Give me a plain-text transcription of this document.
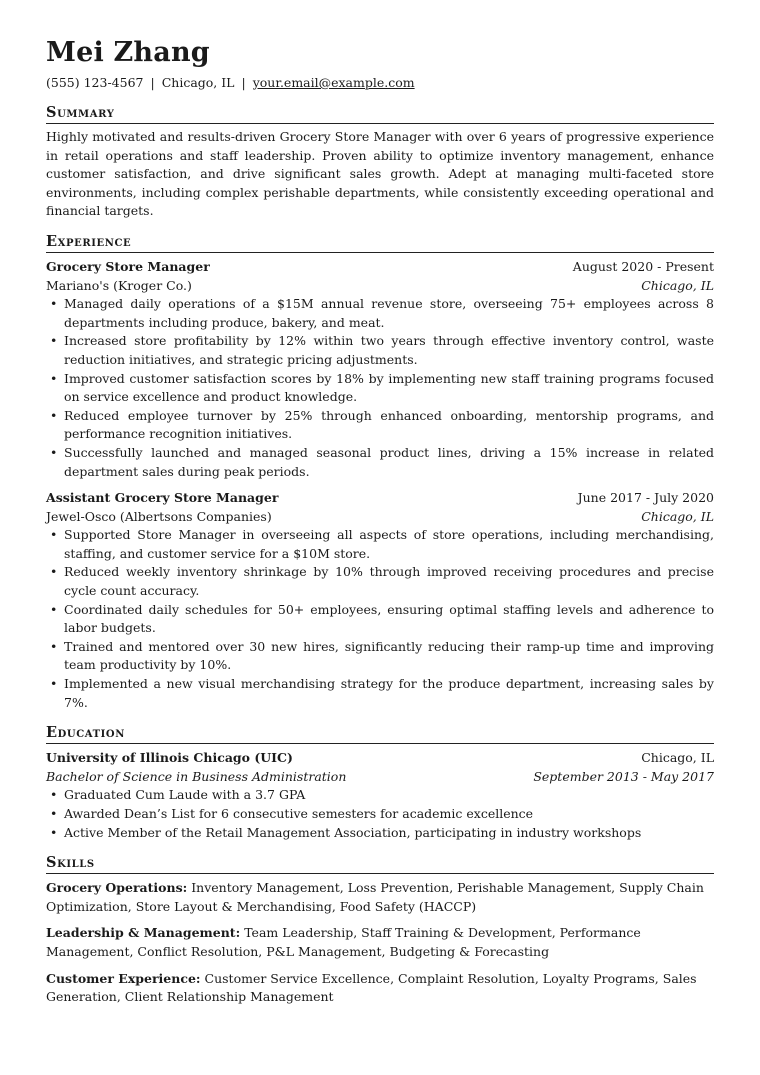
Mei Zhang
(555) 123-4567 | Chicago, IL | your.email@example.com
Summary
Highly motivated and results-driven Grocery Store Manager with over 6 years of progressive experience in retail operations and staff leadership. Proven ability to optimize inventory management, enhance customer satisfaction, and drive significant sales growth. Adept at managing multi-faceted store environments, including complex perishable departments, while consistently exceeding operational and financial targets.
Experience
Grocery Store Manager	August 2020 - Present
Mariano's (Kroger Co.)	Chicago, IL
• Managed daily operations of a $15M annual revenue store, overseeing 75+ employees across 8 departments including produce, bakery, and meat.
• Increased store profitability by 12% within two years through effective inventory control, waste reduction initiatives, and strategic pricing adjustments.
• Improved customer satisfaction scores by 18% by implementing new staff training programs focused on service excellence and product knowledge.
• Reduced employee turnover by 25% through enhanced onboarding, mentorship programs, and performance recognition initiatives.
• Successfully launched and managed seasonal product lines, driving a 15% increase in related department sales during peak periods.
Assistant Grocery Store Manager	June 2017 - July 2020
Jewel-Osco (Albertsons Companies)	Chicago, IL
• Supported Store Manager in overseeing all aspects of store operations, including merchandising, staffing, and customer service for a $10M store.
• Reduced weekly inventory shrinkage by 10% through improved receiving procedures and precise cycle count accuracy.
• Coordinated daily schedules for 50+ employees, ensuring optimal staffing levels and adherence to labor budgets.
• Trained and mentored over 30 new hires, significantly reducing their ramp-up time and improving team productivity by 10%.
• Implemented a new visual merchandising strategy for the produce department, increasing sales by 7%.
Education
University of Illinois Chicago (UIC)	Chicago, IL
Bachelor of Science in Business Administration	September 2013 - May 2017
• Graduated Cum Laude with a 3.7 GPA
• Awarded Dean’s List for 6 consecutive semesters for academic excellence
• Active Member of the Retail Management Association, participating in industry workshops
Skills
Grocery Operations: Inventory Management, Loss Prevention, Perishable Management, Supply Chain Optimization, Store Layout & Merchandising, Food Safety (HACCP)
Leadership & Management: Team Leadership, Staff Training & Development, Performance Management, Conflict Resolution, P&L Management, Budgeting & Forecasting
Customer Experience: Customer Service Excellence, Complaint Resolution, Loyalty Programs, Sales Generation, Client Relationship Management
